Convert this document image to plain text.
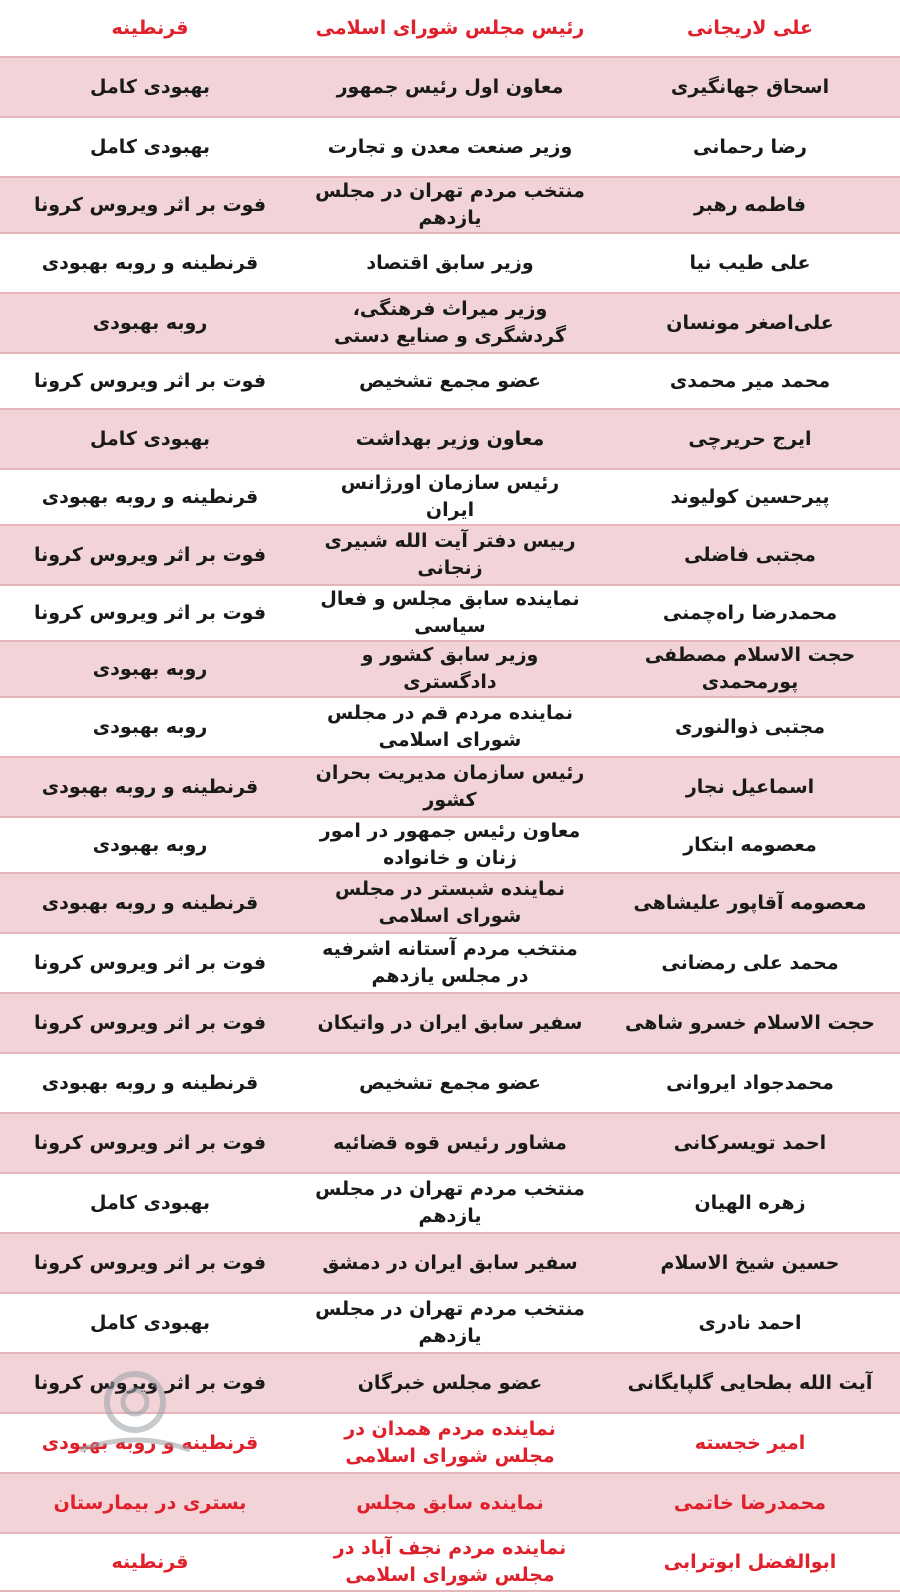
علی لاریجانی	رئیس مجلس شورای اسلامی	قرنطینه
اسحاق جهانگیری	معاون اول رئیس جمهور	بهبودی کامل
رضا رحمانی	وزیر صنعت معدن و تجارت	بهبودی کامل
فاطمه رهبر	منتخب مردم تهران در مجلس یازدهم	فوت بر اثر ویروس کرونا
علی طیب نیا	وزیر سابق اقتصاد	قرنطینه و روبه بهبودی
علی‌اصغر مونسان	وزیر میراث فرهنگی، گردشگری و صنایع دستی	روبه بهبودی
محمد میر محمدی	عضو مجمع تشخیص	فوت بر اثر ویروس کرونا
ایرج حریرچی	معاون وزیر بهداشت	بهبودی کامل
پیرحسین کولیوند	رئیس سازمان اورژانس ایران	قرنطینه و روبه بهبودی
مجتبی فاضلی	رییس دفتر آیت الله شبیری زنجانی	فوت بر اثر ویروس کرونا
محمدرضا راه‌چمنی	نماینده سابق مجلس و فعال سیاسی	فوت بر اثر ویروس کرونا
حجت الاسلام مصطفی پورمحمدی	وزیر سابق کشور و دادگستری	روبه بهبودی
مجتبی ذوالنوری	نماینده مردم قم در مجلس شورای اسلامی	روبه بهبودی
اسماعیل نجار	رئیس سازمان مدیریت بحران کشور	قرنطینه و روبه بهبودی
معصومه ابتکار	معاون رئیس جمهور در امور زنان و خانواده	روبه بهبودی
معصومه آقاپور علیشاهی	نماینده شبستر در مجلس شورای اسلامی	قرنطینه و روبه بهبودی
محمد علی رمضانی	منتخب مردم آستانه اشرفیه در مجلس یازدهم	فوت بر اثر ویروس کرونا
حجت الاسلام خسرو شاهی	سفیر سابق ایران در واتیکان	فوت بر اثر ویروس کرونا
محمدجواد ایروانی	عضو مجمع تشخیص	قرنطینه و روبه بهبودی
احمد تویسرکانی	مشاور رئیس قوه قضائیه	فوت بر اثر ویروس کرونا
زهره الهیان	منتخب مردم تهران در مجلس یازدهم	بهبودی کامل
حسین شیخ الاسلام	سفیر سابق ایران در دمشق	فوت بر اثر ویروس کرونا
احمد نادری	منتخب مردم تهران در مجلس یازدهم	بهبودی کامل
آیت الله بطحایی گلپایگانی	عضو مجلس خبرگان	فوت بر اثر ویروس کرونا
امیر خجسته	نماینده مردم همدان در مجلس شورای اسلامی	قرنطینه و روبه بهبودی
محمدرضا خاتمی	نماینده سابق مجلس	بستری در بیمارستان
ابوالفضل ابوترابی	نماینده مردم نجف آباد در مجلس شورای اسلامی	قرنطینه
